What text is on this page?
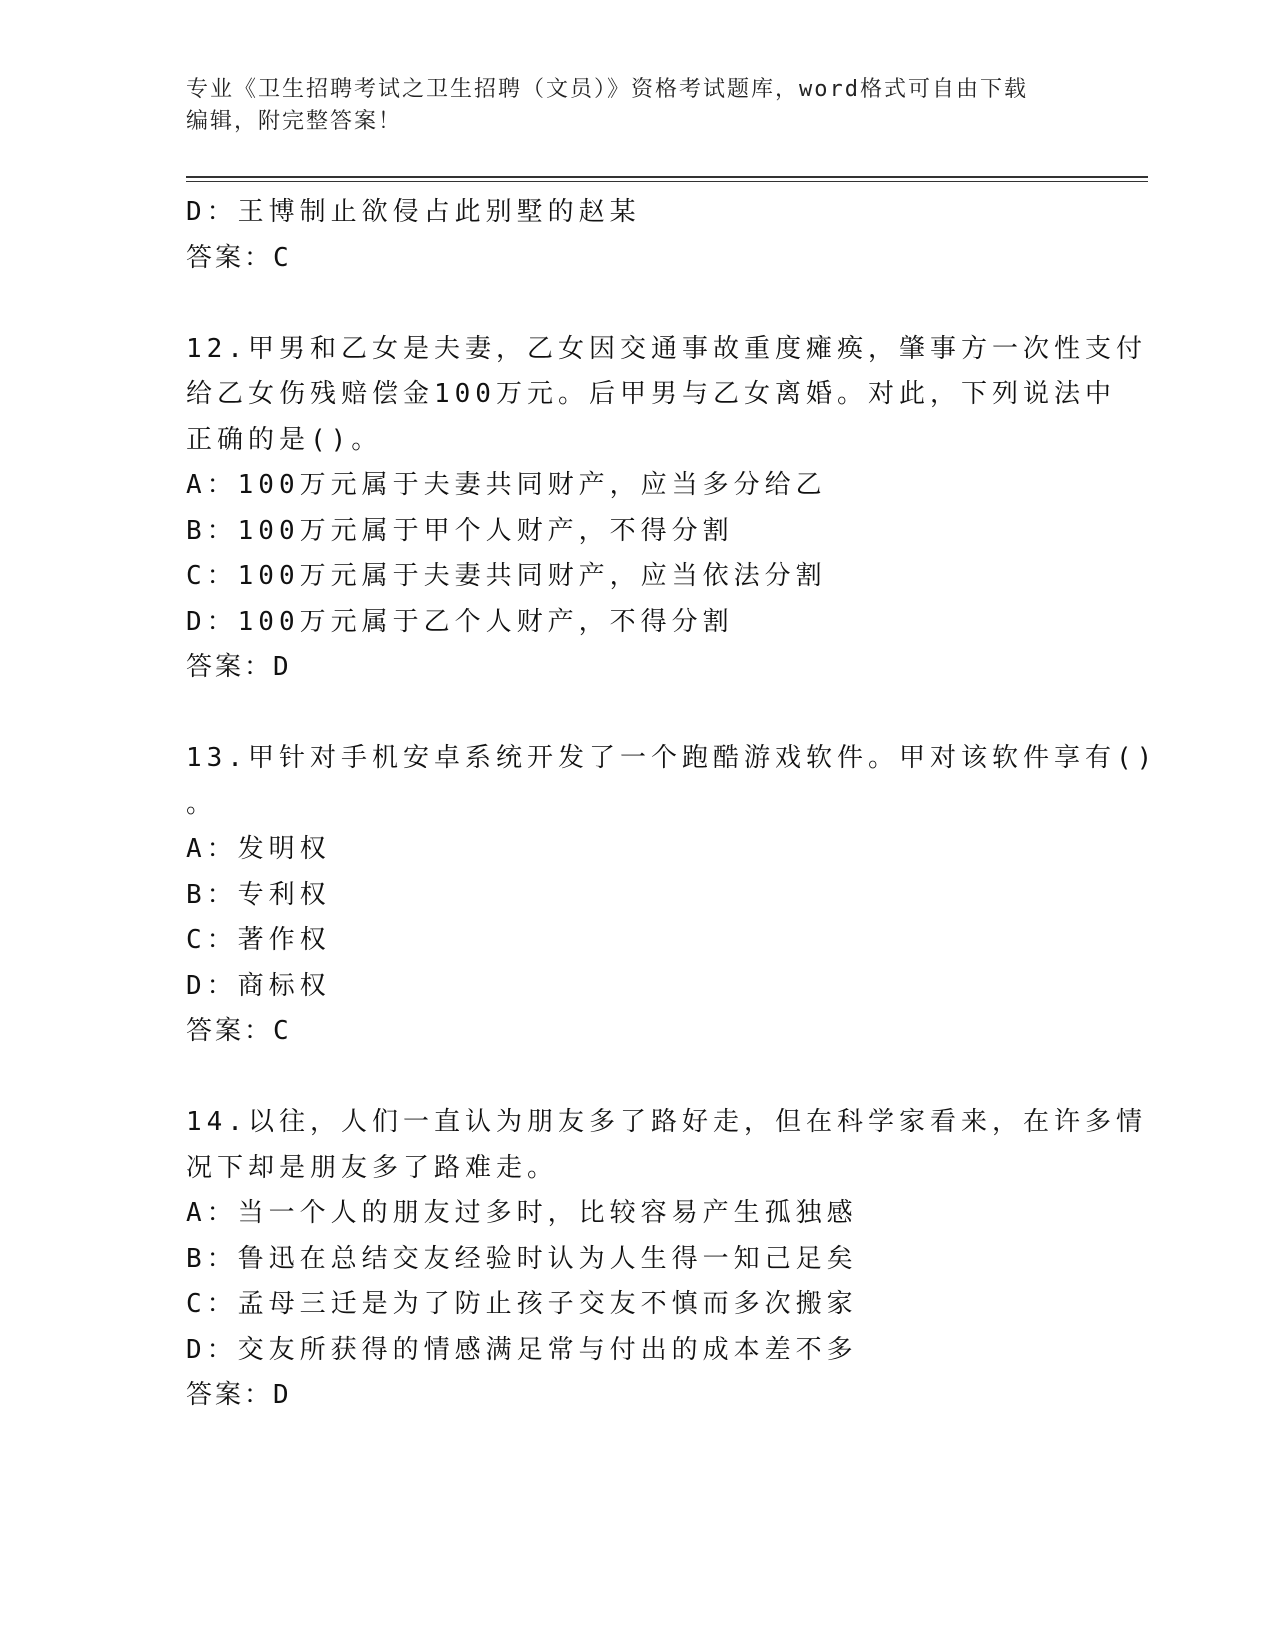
专业《卫生招聘考试之卫生招聘（文员）》资格考试题库，word格式可自由下载
编辑，附完整答案！
D：王博制止欲侵占此别墅的赵某
答案：C
12.甲男和乙女是夫妻，乙女因交通事故重度瘫痪，肇事方一次性支付
给乙女伤残赔偿金100万元。后甲男与乙女离婚。对此，下列说法中
正确的是()。
A：100万元属于夫妻共同财产，应当多分给乙
B：100万元属于甲个人财产，不得分割
C：100万元属于夫妻共同财产，应当依法分割
D：100万元属于乙个人财产，不得分割
答案：D
13.甲针对手机安卓系统开发了一个跑酷游戏软件。甲对该软件享有()
。
A：发明权
B：专利权
C：著作权
D：商标权
答案：C
14.以往，人们一直认为朋友多了路好走，但在科学家看来，在许多情
况下却是朋友多了路难走。
A：当一个人的朋友过多时，比较容易产生孤独感
B：鲁迅在总结交友经验时认为人生得一知己足矣
C：孟母三迁是为了防止孩子交友不慎而多次搬家
D：交友所获得的情感满足常与付出的成本差不多
答案：D
